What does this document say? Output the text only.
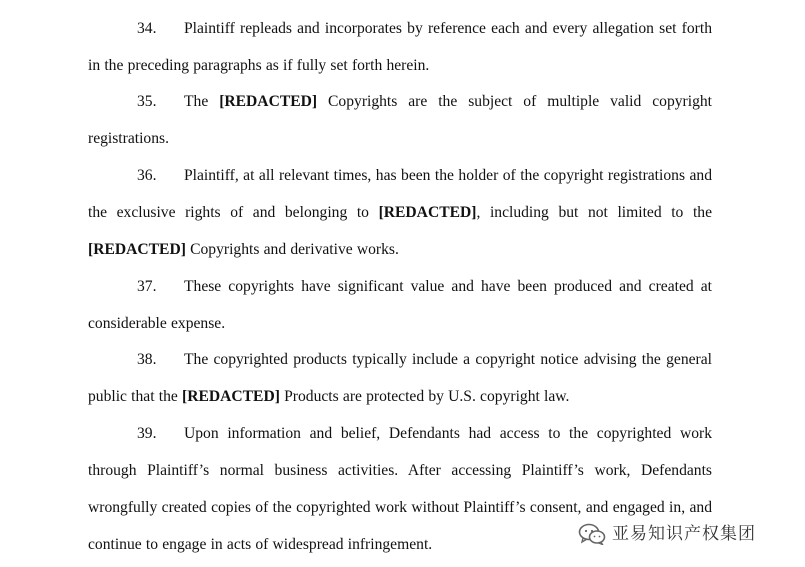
34. Plaintiff repleads and incorporates by reference each and every allegation set forth in the preceding paragraphs as if fully set forth herein.

35. The [REDACTED] Copyrights are the subject of multiple valid copyright registrations.

36. Plaintiff, at all relevant times, has been the holder of the copyright registrations and the exclusive rights of and belonging to [REDACTED], including but not limited to the [REDACTED] Copyrights and derivative works.

37. These copyrights have significant value and have been produced and created at considerable expense.

38. The copyrighted products typically include a copyright notice advising the general public that the [REDACTED] Products are protected by U.S. copyright law.

39. Upon information and belief, Defendants had access to the copyrighted work through Plaintiff’s normal business activities. After accessing Plaintiff’s work, Defendants wrongfully created copies of the copyrighted work without Plaintiff’s consent, and engaged in, and continue to engage in acts of widespread infringement.

亚易知识产权集团
